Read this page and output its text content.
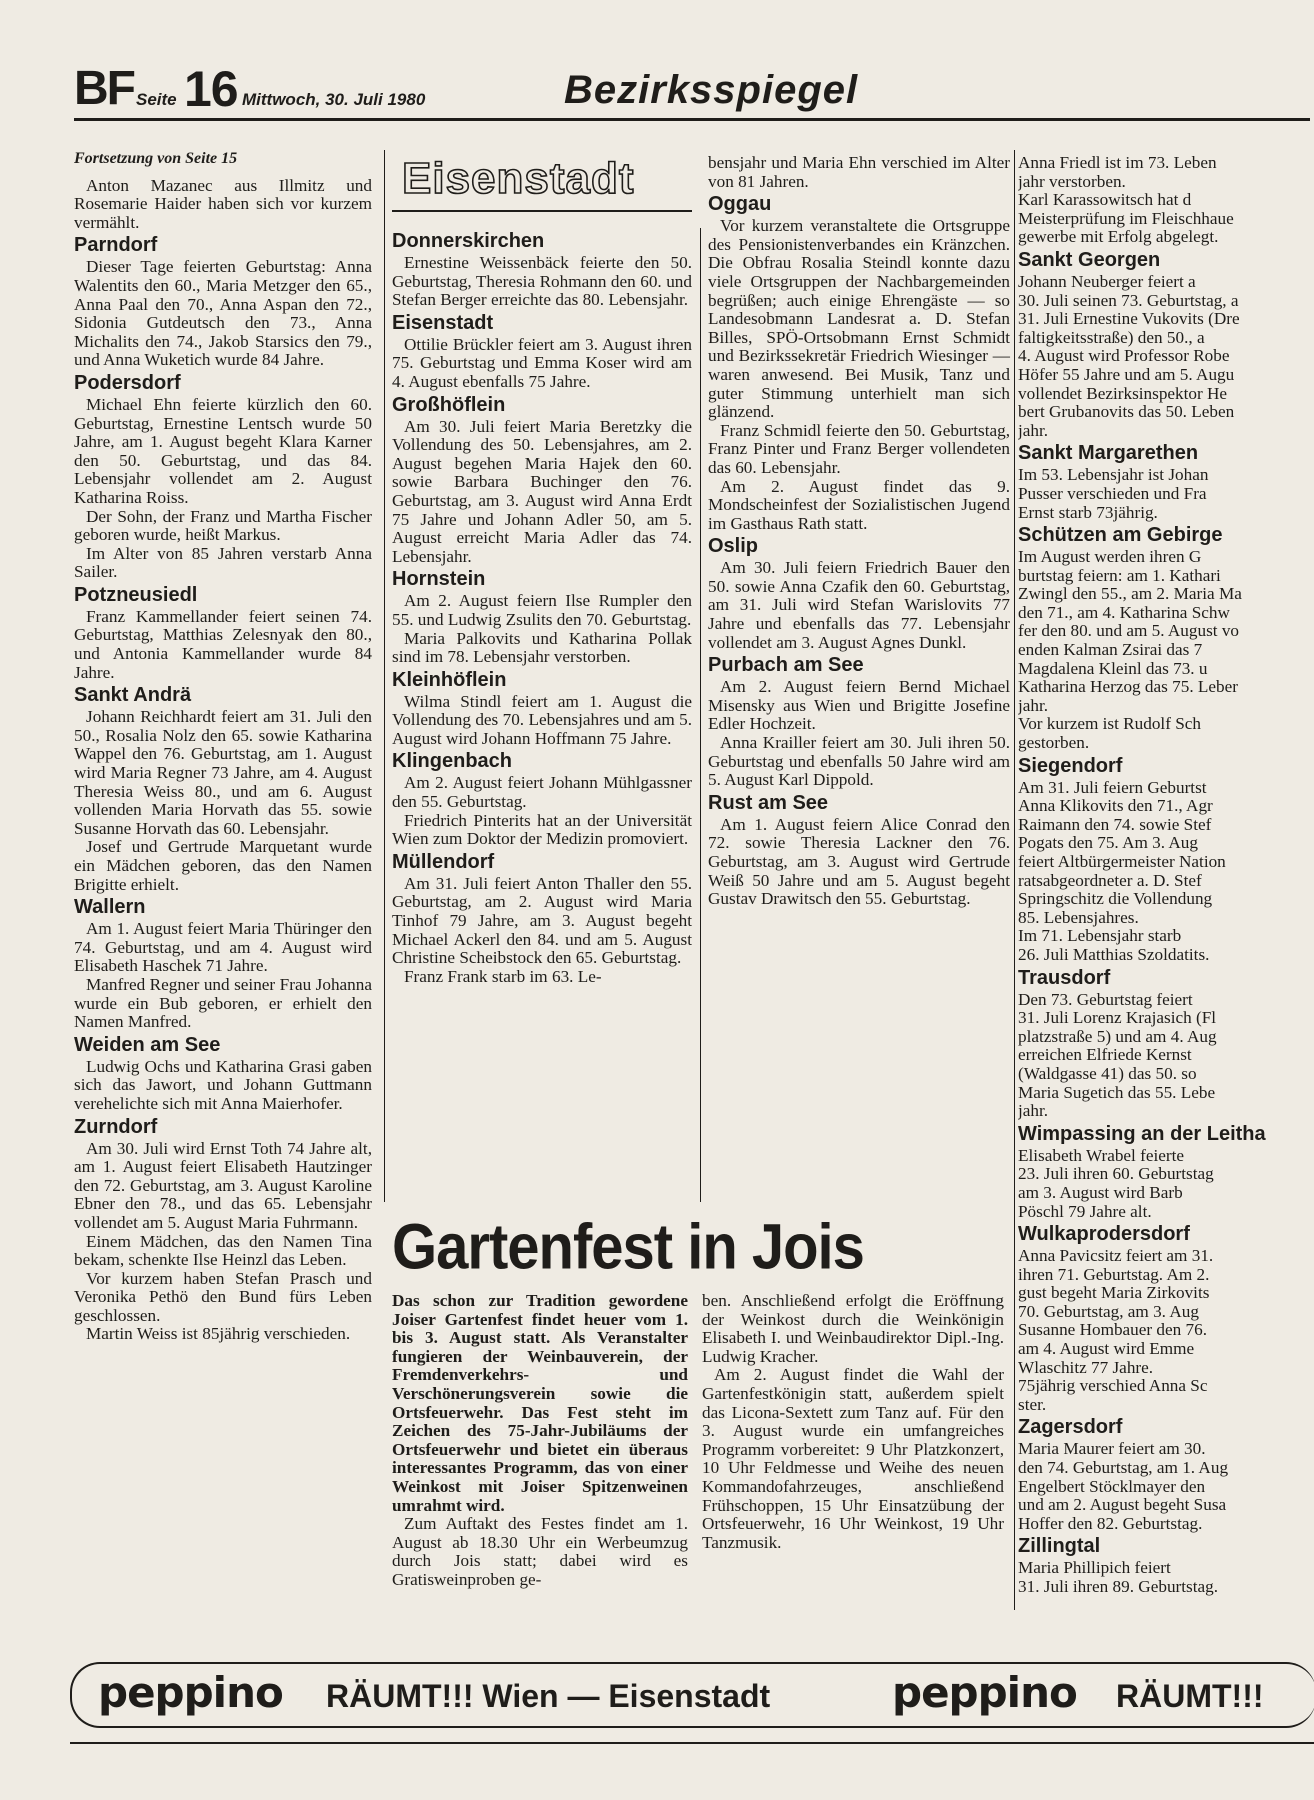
BF Seite 16 Mittwoch, 30. Juli 1980	Bezirksspiegel

Fortsetzung von Seite 15

Anton Mazanec aus Illmitz und Rosemarie Haider haben sich vor kurzem vermählt.

Parndorf

Dieser Tage feierten Geburtstag: Anna Walentits den 60., Maria Metzger den 65., Anna Paal den 70., Anna Aspan den 72., Sidonia Gutdeutsch den 73., Anna Michalits den 74., Jakob Starsics den 79., und Anna Wuketich wurde 84 Jahre.

Podersdorf

Michael Ehn feierte kürzlich den 60. Geburtstag, Ernestine Lentsch wurde 50 Jahre, am 1. August begeht Klara Karner den 50. Geburtstag, und das 84. Lebensjahr vollendet am 2. August Katharina Roiss.

Der Sohn, der Franz und Martha Fischer geboren wurde, heißt Markus.

Im Alter von 85 Jahren verstarb Anna Sailer.

Potzneusiedl

Franz Kammellander feiert seinen 74. Geburtstag, Matthias Zelesnyak den 80., und Antonia Kammellander wurde 84 Jahre.

Sankt Andrä

Johann Reichhardt feiert am 31. Juli den 50., Rosalia Nolz den 65. sowie Katharina Wappel den 76. Geburtstag, am 1. August wird Maria Regner 73 Jahre, am 4. August Theresia Weiss 80., und am 6. August vollenden Maria Horvath das 55. sowie Susanne Horvath das 60. Lebensjahr.

Josef und Gertrude Marquetant wurde ein Mädchen geboren, das den Namen Brigitte erhielt.

Wallern

Am 1. August feiert Maria Thüringer den 74. Geburtstag, und am 4. August wird Elisabeth Haschek 71 Jahre.

Manfred Regner und seiner Frau Johanna wurde ein Bub geboren, er erhielt den Namen Manfred.

Weiden am See

Ludwig Ochs und Katharina Grasi gaben sich das Jawort, und Johann Guttmann verehelichte sich mit Anna Maierhofer.

Zurndorf

Am 30. Juli wird Ernst Toth 74 Jahre alt, am 1. August feiert Elisabeth Hautzinger den 72. Geburtstag, am 3. August Karoline Ebner den 78., und das 65. Lebensjahr vollendet am 5. August Maria Fuhrmann.

Einem Mädchen, das den Namen Tina bekam, schenkte Ilse Heinzl das Leben.

Vor kurzem haben Stefan Prasch und Veronika Pethö den Bund fürs Leben geschlossen.

Martin Weiss ist 85jährig verschieden.

Eisenstadt
Donnerskirchen

Ernestine Weissenbäck feierte den 50. Geburtstag, Theresia Rohmann den 60. und Stefan Berger erreichte das 80. Lebensjahr.

Eisenstadt

Ottilie Brückler feiert am 3. August ihren 75. Geburtstag und Emma Koser wird am 4. August ebenfalls 75 Jahre.

Großhöflein

Am 30. Juli feiert Maria Beretzky die Vollendung des 50. Lebensjahres, am 2. August begehen Maria Hajek den 60. sowie Barbara Buchinger den 76. Geburtstag, am 3. August wird Anna Erdt 75 Jahre und Johann Adler 50, am 5. August erreicht Maria Adler das 74. Lebensjahr.

Hornstein

Am 2. August feiern Ilse Rumpler den 55. und Ludwig Zsulits den 70. Geburtstag.

Maria Palkovits und Katharina Pollak sind im 78. Lebensjahr verstorben.

Kleinhöflein

Wilma Stindl feiert am 1. August die Vollendung des 70. Lebensjahres und am 5. August wird Johann Hoffmann 75 Jahre.

Klingenbach

Am 2. August feiert Johann Mühlgassner den 55. Geburtstag.

Friedrich Pinterits hat an der Universität Wien zum Doktor der Medizin promoviert.

Müllendorf

Am 31. Juli feiert Anton Thaller den 55. Geburtstag, am 2. August wird Maria Tinhof 79 Jahre, am 3. August begeht Michael Ackerl den 84. und am 5. August Christine Scheibstock den 65. Geburtstag.

Franz Frank starb im 63. Le-

bensjahr und Maria Ehn verschied im Alter von 81 Jahren.

Oggau

Vor kurzem veranstaltete die Ortsgruppe des Pensionistenverbandes ein Kränzchen. Die Obfrau Rosalia Steindl konnte dazu viele Ortsgruppen der Nachbargemeinden begrüßen; auch einige Ehrengäste — so Landesobmann Landesrat a. D. Stefan Billes, SPÖ-Ortsobmann Ernst Schmidt und Bezirkssekretär Friedrich Wiesinger — waren anwesend. Bei Musik, Tanz und guter Stimmung unterhielt man sich glänzend.

Franz Schmidl feierte den 50. Geburtstag, Franz Pinter und Franz Berger vollendeten das 60. Lebensjahr.

Am 2. August findet das 9. Mondscheinfest der Sozialistischen Jugend im Gasthaus Rath statt.

Oslip

Am 30. Juli feiern Friedrich Bauer den 50. sowie Anna Czafik den 60. Geburtstag, am 31. Juli wird Stefan Warislovits 77 Jahre und ebenfalls das 77. Lebensjahr vollendet am 3. August Agnes Dunkl.

Purbach am See

Am 2. August feiern Bernd Michael Misensky aus Wien und Brigitte Josefine Edler Hochzeit.

Anna Krailler feiert am 30. Juli ihren 50. Geburtstag und ebenfalls 50 Jahre wird am 5. August Karl Dippold.

Rust am See

Am 1. August feiern Alice Conrad den 72. sowie Theresia Lackner den 76. Geburtstag, am 3. August wird Gertrude Weiß 50 Jahre und am 5. August begeht Gustav Drawitsch den 55. Geburtstag.

Anna Friedl ist im 73. Leben
jahr verstorben.
Karl Karassowitsch hat d
Meisterprüfung im Fleischhaue
gewerbe mit Erfolg abgelegt.
Sankt Georgen
Johann Neuberger feiert a
30. Juli seinen 73. Geburtstag, a
31. Juli Ernestine Vukovits (Dre
faltigkeitsstraße) den 50., a
4. August wird Professor Robe
Höfer 55 Jahre und am 5. Augu
vollendet Bezirksinspektor He
bert Grubanovits das 50. Leben
jahr.
Sankt Margarethen
Im 53. Lebensjahr ist Johan
Pusser verschieden und Fra
Ernst starb 73jährig.
Schützen am Gebirge
Im August werden ihren G
burtstag feiern: am 1. Kathari
Zwingl den 55., am 2. Maria Ma
den 71., am 4. Katharina Schw
fer den 80. und am 5. August vo
enden Kalman Zsirai das 7
Magdalena Kleinl das 73. u
Katharina Herzog das 75. Leber
jahr.
Vor kurzem ist Rudolf Sch
gestorben.
Siegendorf
Am 31. Juli feiern Geburtst
Anna Klikovits den 71., Agr
Raimann den 74. sowie Stef
Pogats den 75. Am 3. Aug
feiert Altbürgermeister Nation
ratsabgeordneter a. D. Stef
Springschitz die Vollendung
85. Lebensjahres.
Im 71. Lebensjahr starb
26. Juli Matthias Szoldatits.
Trausdorf
Den 73. Geburtstag feiert
31. Juli Lorenz Krajasich (Fl
platzstraße 5) und am 4. Aug
erreichen Elfriede Kernst
(Waldgasse 41) das 50. so
Maria Sugetich das 55. Lebe
jahr.
Wimpassing an der Leitha
Elisabeth Wrabel feierte
23. Juli ihren 60. Geburtstag
am 3. August wird Barb
Pöschl 79 Jahre alt.
Wulkaprodersdorf
Anna Pavicsitz feiert am 31.
ihren 71. Geburtstag. Am 2.
gust begeht Maria Zirkovits
70. Geburtstag, am 3. Aug
Susanne Hombauer den 76.
am 4. August wird Emme
Wlaschitz 77 Jahre.
75jährig verschied Anna Sc
ster.
Zagersdorf
Maria Maurer feiert am 30.
den 74. Geburtstag, am 1. Aug
Engelbert Stöcklmayer den
und am 2. August begeht Susa
Hoffer den 82. Geburtstag.
Zillingtal
Maria Phillipich feiert
31. Juli ihren 89. Geburtstag.
Gartenfest in Jois

Das schon zur Tradition gewordene Joiser Gartenfest findet heuer vom 1. bis 3. August statt. Als Veranstalter fungieren der Weinbauverein, der Fremdenverkehrs- und Verschönerungsverein sowie die Ortsfeuerwehr. Das Fest steht im Zeichen des 75-Jahr-Jubiläums der Ortsfeuerwehr und bietet ein überaus interessantes Programm, das von einer Weinkost mit Joiser Spitzenweinen umrahmt wird.

Zum Auftakt des Festes findet am 1. August ab 18.30 Uhr ein Werbeumzug durch Jois statt; dabei wird es Gratisweinproben ge-

ben. Anschließend erfolgt die Eröffnung der Weinkost durch die Weinkönigin Elisabeth I. und Weinbaudirektor Dipl.-Ing. Ludwig Kracher.

Am 2. August findet die Wahl der Gartenfestkönigin statt, außerdem spielt das Licona-Sextett zum Tanz auf. Für den 3. August wurde ein umfangreiches Programm vorbereitet: 9 Uhr Platzkonzert, 10 Uhr Feldmesse und Weihe des neuen Kommandofahrzeuges, anschließend Frühschoppen, 15 Uhr Einsatzübung der Ortsfeuerwehr, 16 Uhr Weinkost, 19 Uhr Tanzmusik.

peppino RÄUMT!!! Wien — Eisenstadt	peppino RÄUMT!!!
